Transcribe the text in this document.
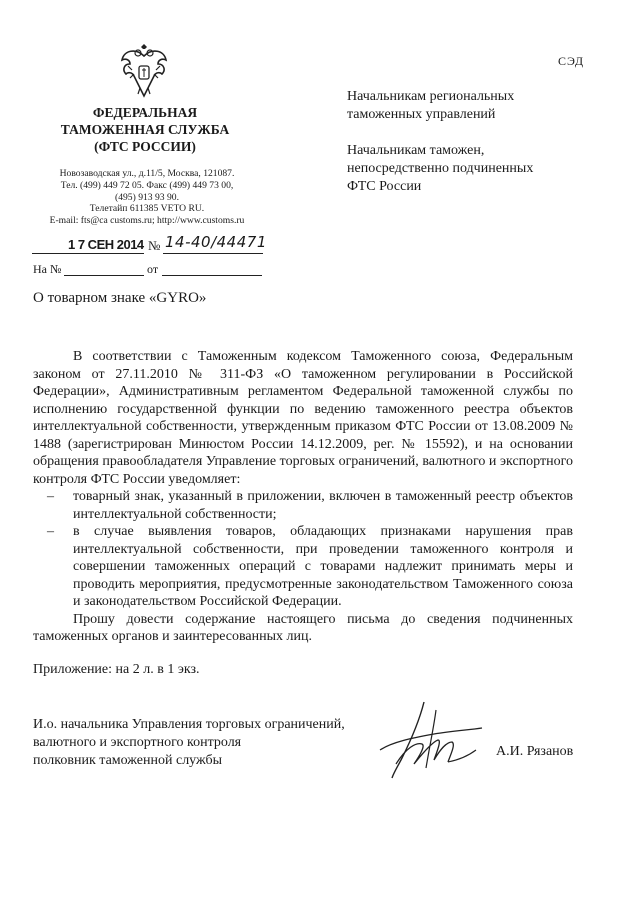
ФЕДЕРАЛЬНАЯ
ТАМОЖЕННАЯ СЛУЖБА
(ФТС РОССИИ)
Новозаводская ул., д.11/5, Москва, 121087.
Тел. (499) 449 72 05. Факс (499) 449 73 00,
(495) 913 93 90.
Телетайп 611385 VETO RU.
E-mail: fts@ca customs.ru; http://www.customs.ru
СЭД
Начальникам региональных
таможенных управлений
Начальникам таможен,
непосредственно подчиненных
ФТС России
1 7 СЕН 2014 № 14-40/44471
На №	от
О товарном знаке «GYRO»

В соответствии с Таможенным кодексом Таможенного союза, Федеральным законом от 27.11.2010 № 311-ФЗ «О таможенном регулировании в Российской Федерации», Административным регламентом Федеральной таможенной службы по исполнению государственной функции по ведению таможенного реестра объектов интеллектуальной собственности, утвержденным приказом ФТС России от 13.08.2009 № 1488 (зарегистрирован Минюстом России 14.12.2009, рег. № 15592), и на основании обращения правообладателя Управление торговых ограничений, валютного и экспортного контроля ФТС России уведомляет:

– товарный знак, указанный в приложении, включен в таможенный реестр объектов интеллектуальной собственности;

– в случае выявления товаров, обладающих признаками нарушения прав интеллектуальной собственности, при проведении таможенного контроля и совершении таможенных операций с товарами надлежит принимать меры и проводить мероприятия, предусмотренные законодательством Таможенного союза и законодательством Российской Федерации.

Прошу довести содержание настоящего письма до сведения подчиненных таможенных органов и заинтересованных лиц.

Приложение: на 2 л. в 1 экз.
И.о. начальника Управления торговых ограничений,
валютного и экспортного контроля
полковник таможенной службы
А.И. Рязанов
